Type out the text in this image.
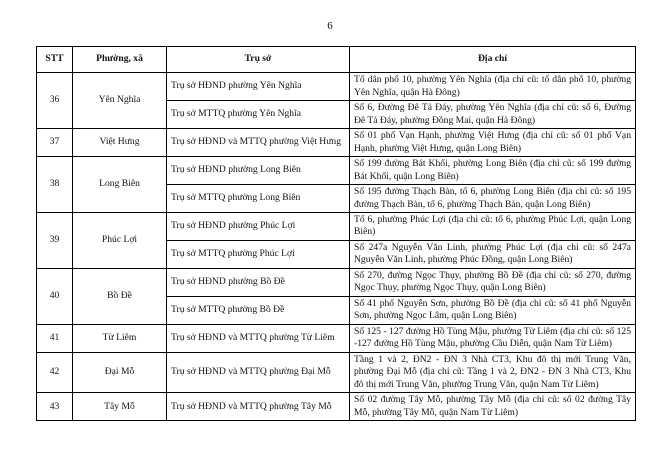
6
STT	Phường, xã	Trụ sở	Địa chỉ
36	Yên Nghĩa	Trụ sở HĐND phường Yên Nghĩa	Tổ dân phố 10, phường Yên Nghĩa (địa chỉ cũ: tổ dân phố 10, phường Yên Nghĩa, quận Hà Đông)
		Trụ sở MTTQ phường Yên Nghĩa	Số 6, Đường Đê Tả Đáy, phường Yên Nghĩa (địa chỉ cũ: số 6, Đường Đê Tả Đáy, phường Đồng Mai, quận Hà Đông)
37	Việt Hưng	Trụ sở HĐND và MTTQ phường Việt Hưng	Số 01 phố Vạn Hạnh, phường Việt Hưng (địa chỉ cũ: số 01 phố Vạn Hạnh, phường Việt Hưng, quận Long Biên)
38	Long Biên	Trụ sở HĐND phường Long Biên	Số 199 đường Bát Khối, phường Long Biên (địa chỉ cũ: số 199 đường Bát Khối, quận Long Biên)
		Trụ sở MTTQ phường Long Biên	Số 195 đường Thạch Bàn, tổ 6, phường Long Biên (địa chỉ cũ: số 195 đường Thạch Bàn, tổ 6, phường Thạch Bàn, quận Long Biên)
39	Phúc Lợi	Trụ sở HĐND phường Phúc Lợi	Tổ 6, phường Phúc Lợi (địa chỉ cũ: tổ 6, phường Phúc Lợi, quận Long Biên)
		Trụ sở MTTQ phường Phúc Lợi	Số 247a Nguyễn Văn Linh, phường Phúc Lợi (địa chỉ cũ: số 247a Nguyễn Văn Linh, phường Phúc Đồng, quận Long Biên)
40	Bồ Đề	Trụ sở HĐND phường Bồ Đề	Số 270, đường Ngọc Thụy, phường Bồ Đề (địa chỉ cũ: số 270, đường Ngọc Thụy, phường Ngọc Thụy, quận Long Biên)
		Trụ sở MTTQ phường Bồ Đề	Số 41 phố Nguyễn Sơn, phường Bồ Đề (địa chỉ cũ: số 41 phố Nguyễn Sơn, phường Ngọc Lâm, quận Long Biên)
41	Từ Liêm	Trụ sở HĐND và MTTQ phường Từ Liêm	Số 125 - 127 đường Hồ Tùng Mậu, phường Từ Liêm (địa chỉ cũ: số 125 -127 đường Hồ Tùng Mậu, phường Cầu Diễn, quận Nam Từ Liêm)
42	Đại Mỗ	Trụ sở HĐND và MTTQ phường Đại Mỗ	Tầng 1 và 2, ĐN2 - ĐN 3 Nhà CT3, Khu đô thị mới Trung Văn, phường Đại Mỗ (địa chỉ cũ: Tầng 1 và 2, ĐN2 - ĐN 3 Nhà CT3, Khu đô thị mới Trung Văn, phường Trung Văn, quận Nam Từ Liêm)
43	Tây Mỗ	Trụ sở HĐND và MTTQ phường Tây Mỗ	Số 02 đường Tây Mỗ, phường Tây Mỗ (địa chỉ cũ: số 02 đường Tây Mỗ, phường Tây Mỗ, quận Nam Từ Liêm)
